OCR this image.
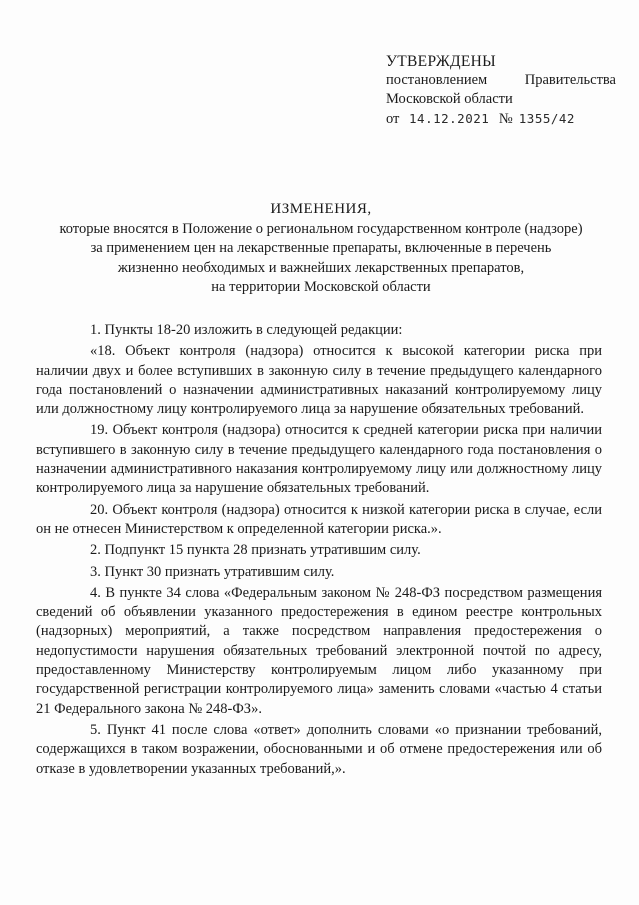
УТВЕРЖДЕНЫ
постановлением	Правительства
Московской области
от 14.12.2021 № 1355/42
ИЗМЕНЕНИЯ,
которые вносятся в Положение о региональном государственном контроле (надзоре)
за применением цен на лекарственные препараты, включенные в перечень
жизненно необходимых и важнейших лекарственных препаратов,
на территории Московской области

1. Пункты 18-20 изложить в следующей редакции:

«18. Объект контроля (надзора) относится к высокой категории риска при наличии двух и более вступивших в законную силу в течение предыдущего календарного года постановлений о назначении административных наказаний контролируемому лицу или должностному лицу контролируемого лица за нарушение обязательных требований.

19. Объект контроля (надзора) относится к средней категории риска при наличии вступившего в законную силу в течение предыдущего календарного года постановления о назначении административного наказания контролируемому лицу или должностному лицу контролируемого лица за нарушение обязательных требований.

20. Объект контроля (надзора) относится к низкой категории риска в случае, если он не отнесен Министерством к определенной категории риска.».

2. Подпункт 15 пункта 28 признать утратившим силу.

3. Пункт 30 признать утратившим силу.

4. В пункте 34 слова «Федеральным законом № 248-ФЗ посредством размещения сведений об объявлении указанного предостережения в едином реестре контрольных (надзорных) мероприятий, а также посредством направления предостережения о недопустимости нарушения обязательных требований электронной почтой по адресу, предоставленному Министерству контролируемым лицом либо указанному при государственной регистрации контролируемого лица» заменить словами «частью 4 статьи 21 Федерального закона № 248-ФЗ».

5. Пункт 41 после слова «ответ» дополнить словами «о признании требований, содержащихся в таком возражении, обоснованными и об отмене предостережения или об отказе в удовлетворении указанных требований,».
